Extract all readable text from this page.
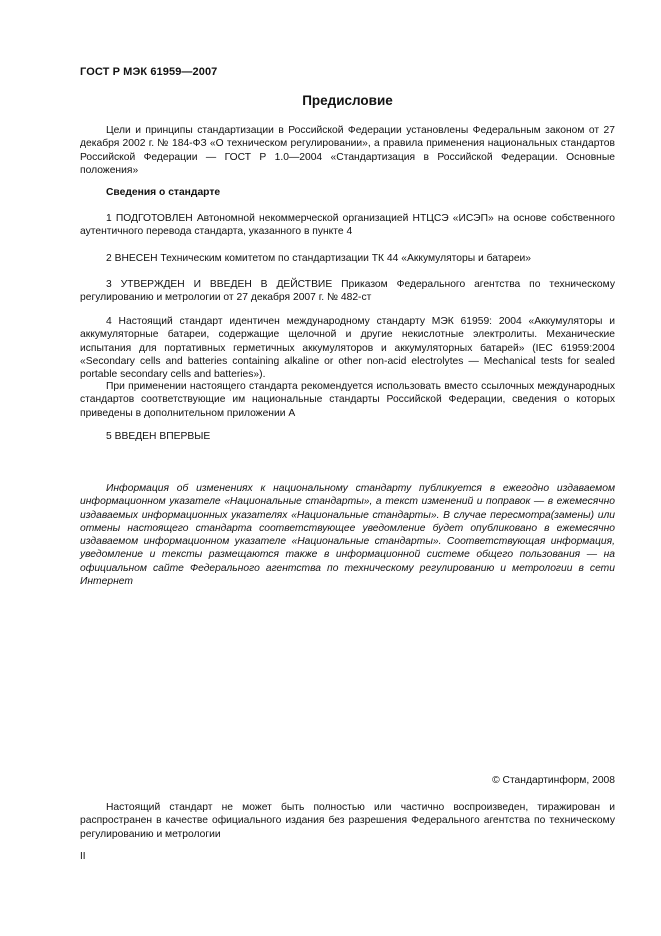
ГОСТ Р МЭК 61959—2007
Предисловие
Цели и принципы стандартизации в Российской Федерации установлены Федеральным законом от 27 декабря 2002 г. № 184-ФЗ «О техническом регулировании», а правила применения национальных стандартов Российской Федерации — ГОСТ Р 1.0—2004 «Стандартизация в Российской Федерации. Основные положения»
Сведения о стандарте
1 ПОДГОТОВЛЕН Автономной некоммерческой организацией НТЦСЭ «ИСЭП» на основе собственного аутентичного перевода стандарта, указанного в пункте 4
2 ВНЕСЕН Техническим комитетом по стандартизации ТК 44 «Аккумуляторы и батареи»
3 УТВЕРЖДЕН И ВВЕДЕН В ДЕЙСТВИЕ Приказом Федерального агентства по техническому регулированию и метрологии от 27 декабря 2007 г. № 482-ст
4 Настоящий стандарт идентичен международному стандарту МЭК 61959: 2004 «Аккумуляторы и аккумуляторные батареи, содержащие щелочной и другие некислотные электролиты. Механические испытания для портативных герметичных аккумуляторов и аккумуляторных батарей» (IEC 61959:2004 «Secondary cells and batteries containing alkaline or other non-acid electrolytes — Mechanical tests for sealed portable secondary cells and batteries»).
При применении настоящего стандарта рекомендуется использовать вместо ссылочных международных стандартов соответствующие им национальные стандарты Российской Федерации, сведения о которых приведены в дополнительном приложении А
5 ВВЕДЕН ВПЕРВЫЕ
Информация об изменениях к национальному стандарту публикуется в ежегодно издаваемом информационном указателе «Национальные стандарты», а текст изменений и поправок — в ежемесячно издаваемых информационных указателях «Национальные стандарты». В случае пересмотра(замены) или отмены настоящего стандарта соответствующее уведомление будет опубликовано в ежемесячно издаваемом информационном указателе «Национальные стандарты». Соответствующая информация, уведомление и тексты размещаются также в информационной системе общего пользования — на официальном сайте Федерального агентства по техническому регулированию и метрологии в сети Интернет
© Стандартинформ, 2008
Настоящий стандарт не может быть полностью или частично воспроизведен, тиражирован и распространен в качестве официального издания без разрешения Федерального агентства по техническому регулированию и метрологии
II
